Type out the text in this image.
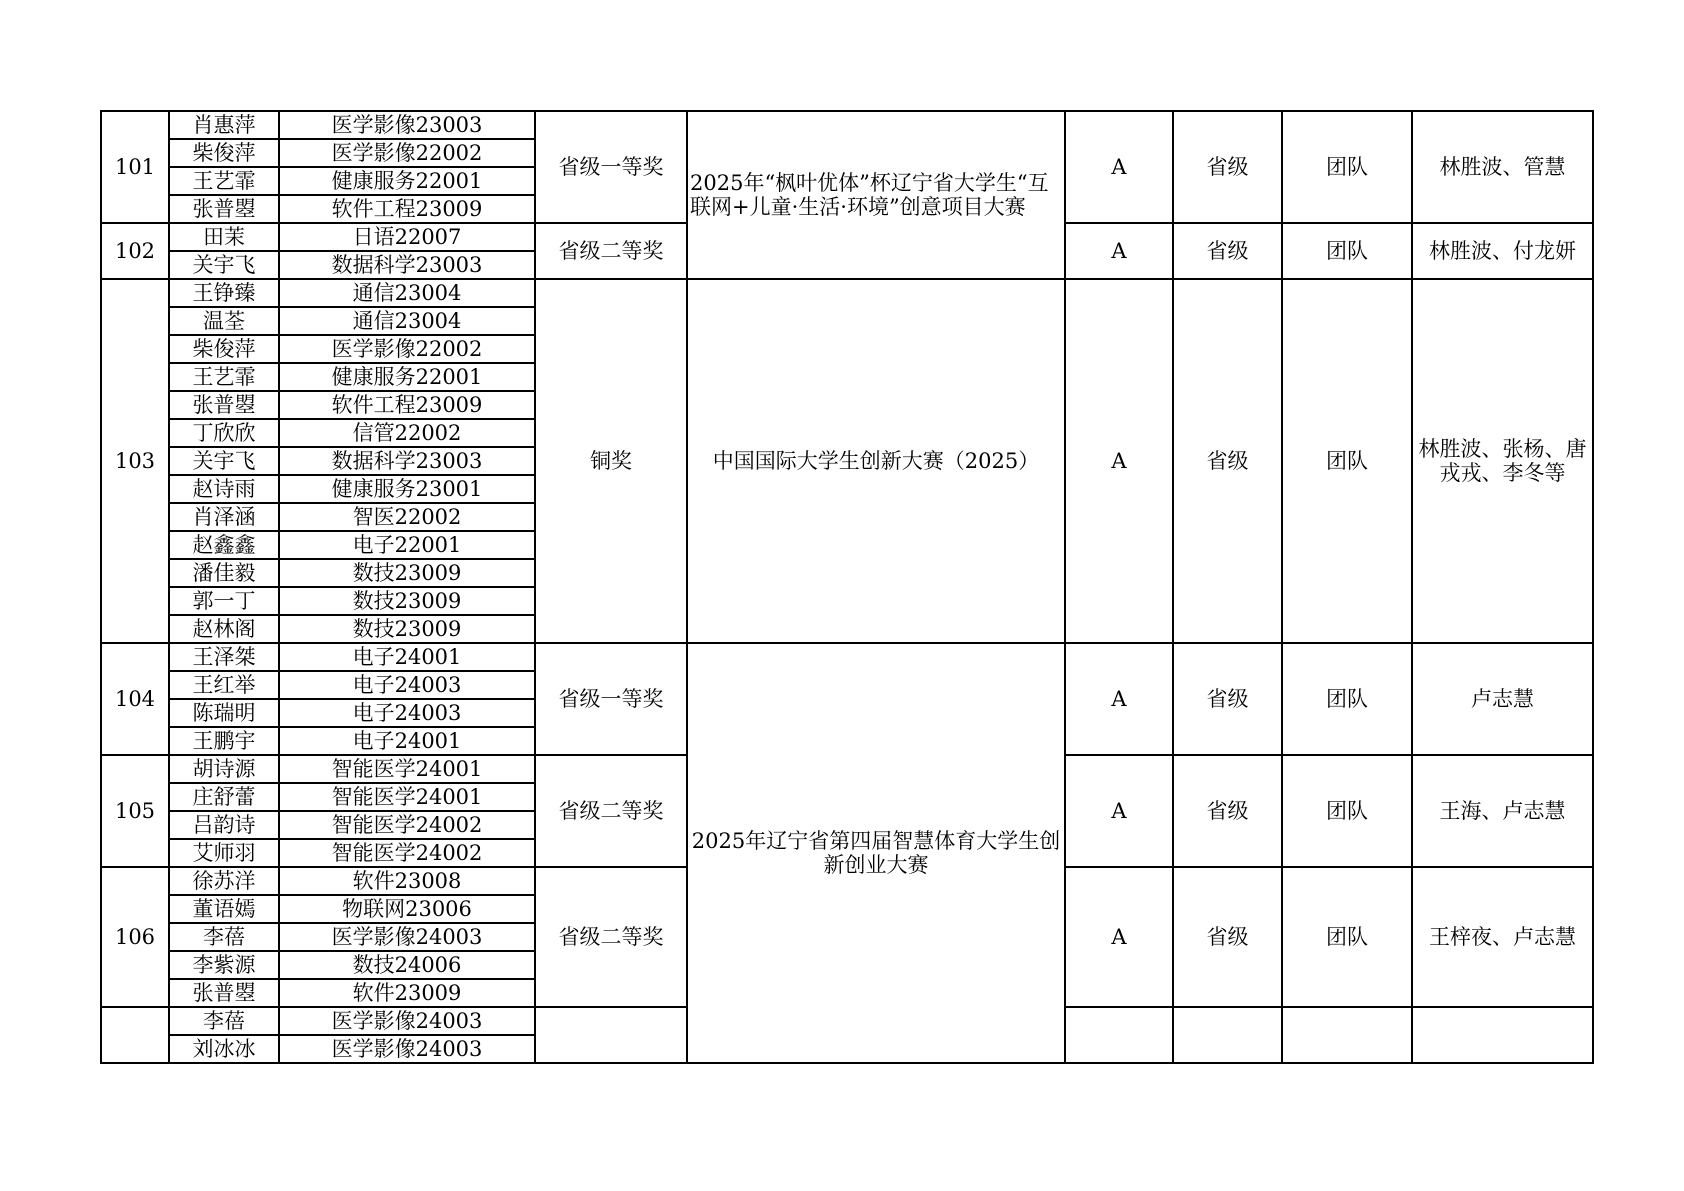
101	肖惠萍	医学影像23003	省级一等奖	2025年“枫叶优体”杯辽宁省大学生“互联网+儿童·生活·环境”创意项目大赛	A	省级	团队	林胜波、管慧
	柴俊萍	医学影像22002						
	王艺霏	健康服务22001						
	张普曌	软件工程23009						
102	田茉	日语22007	省级二等奖		A	省级	团队	林胜波、付龙妍
	关宇飞	数据科学23003						
103	王铮臻	通信23004	铜奖	中国国际大学生创新大赛（2025）	A	省级	团队	林胜波、张杨、唐戎戎、李冬等
	温荃	通信23004						
	柴俊萍	医学影像22002						
	王艺霏	健康服务22001						
	张普曌	软件工程23009						
	丁欣欣	信管22002						
	关宇飞	数据科学23003						
	赵诗雨	健康服务23001						
	肖泽涵	智医22002						
	赵鑫鑫	电子22001						
	潘佳毅	数技23009						
	郭一丁	数技23009						
	赵林阁	数技23009						
104	王泽桀	电子24001	省级一等奖	2025年辽宁省第四届智慧体育大学生创新创业大赛	A	省级	团队	卢志慧
	王红举	电子24003						
	陈瑞明	电子24003						
	王鹏宇	电子24001						
105	胡诗源	智能医学24001	省级二等奖		A	省级	团队	王海、卢志慧
	庄舒蕾	智能医学24001						
	吕韵诗	智能医学24002						
	艾师羽	智能医学24002						
106	徐苏洋	软件23008	省级二等奖		A	省级	团队	王梓夜、卢志慧
	董语嫣	物联网23006						
	李蓓	医学影像24003						
	李紫源	数技24006						
	张普曌	软件23009						
	李蓓	医学影像24003						
	刘冰冰	医学影像24003						
